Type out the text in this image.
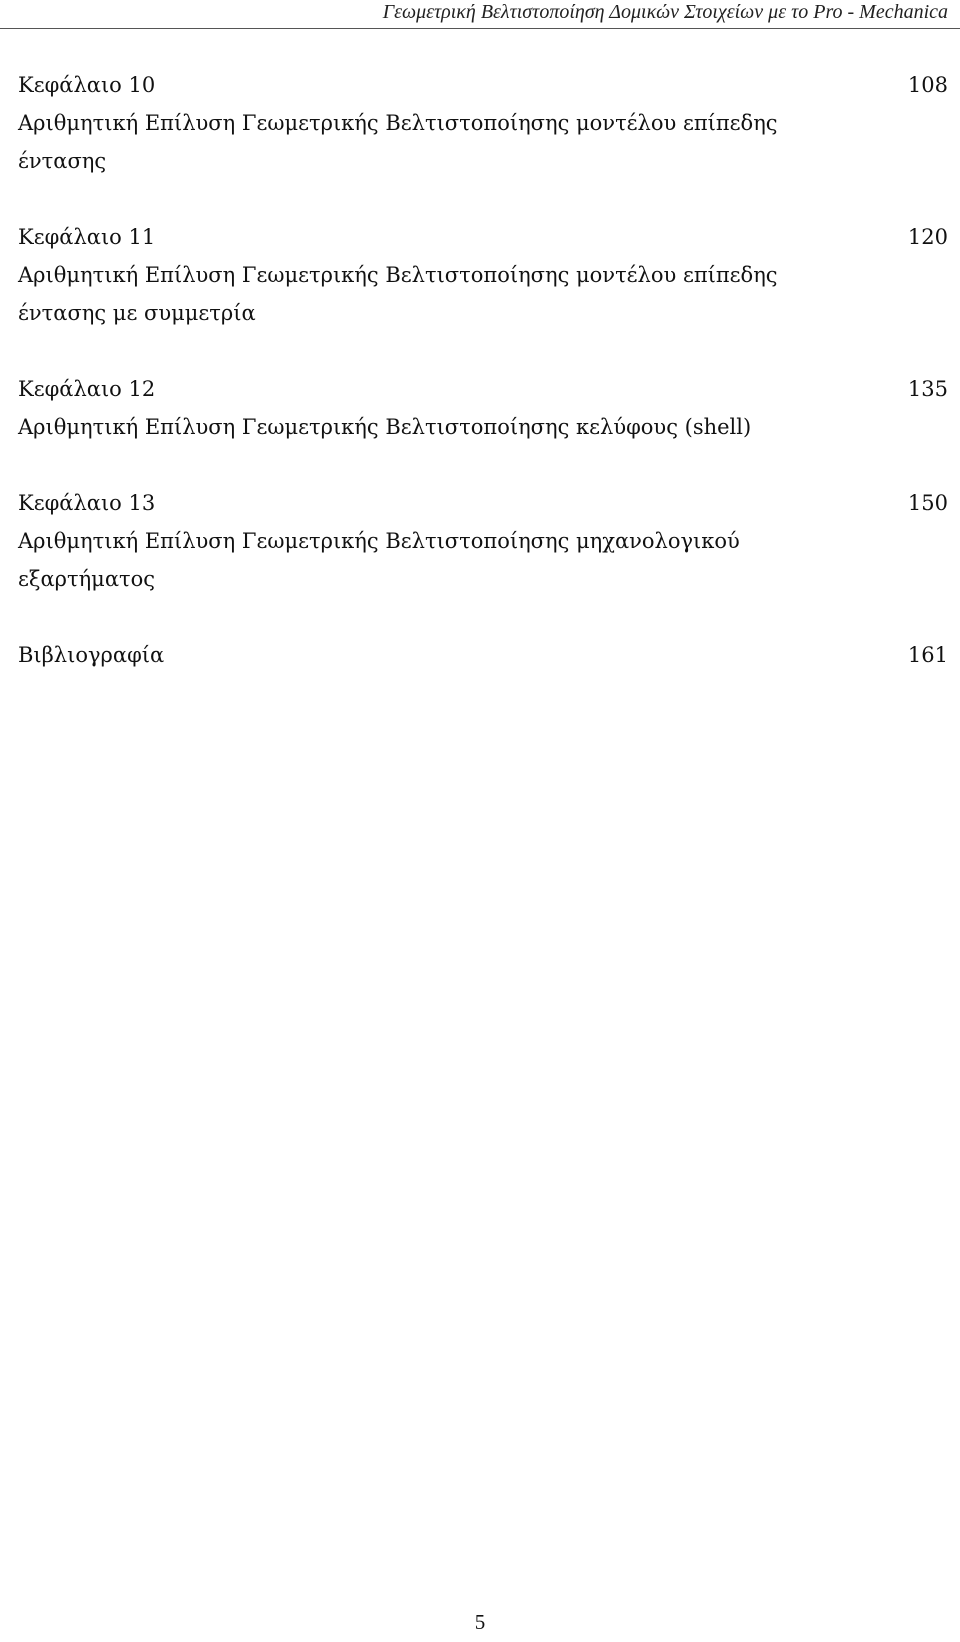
Γεωμετρική Βελτιστοποίηση Δομικών Στοιχείων με το Pro - Mechanica
Κεφάλαιο 10	108
Αριθμητική Επίλυση Γεωμετρικής Βελτιστοποίησης μοντέλου επίπεδης έντασης
Κεφάλαιο 11	120
Αριθμητική Επίλυση Γεωμετρικής Βελτιστοποίησης μοντέλου επίπεδης έντασης με συμμετρία
Κεφάλαιο 12	135
Αριθμητική Επίλυση Γεωμετρικής Βελτιστοποίησης κελύφους (shell)
Κεφάλαιο 13	150
Αριθμητική Επίλυση Γεωμετρικής Βελτιστοποίησης μηχανολογικού εξαρτήματος
Βιβλιογραφία	161
5
